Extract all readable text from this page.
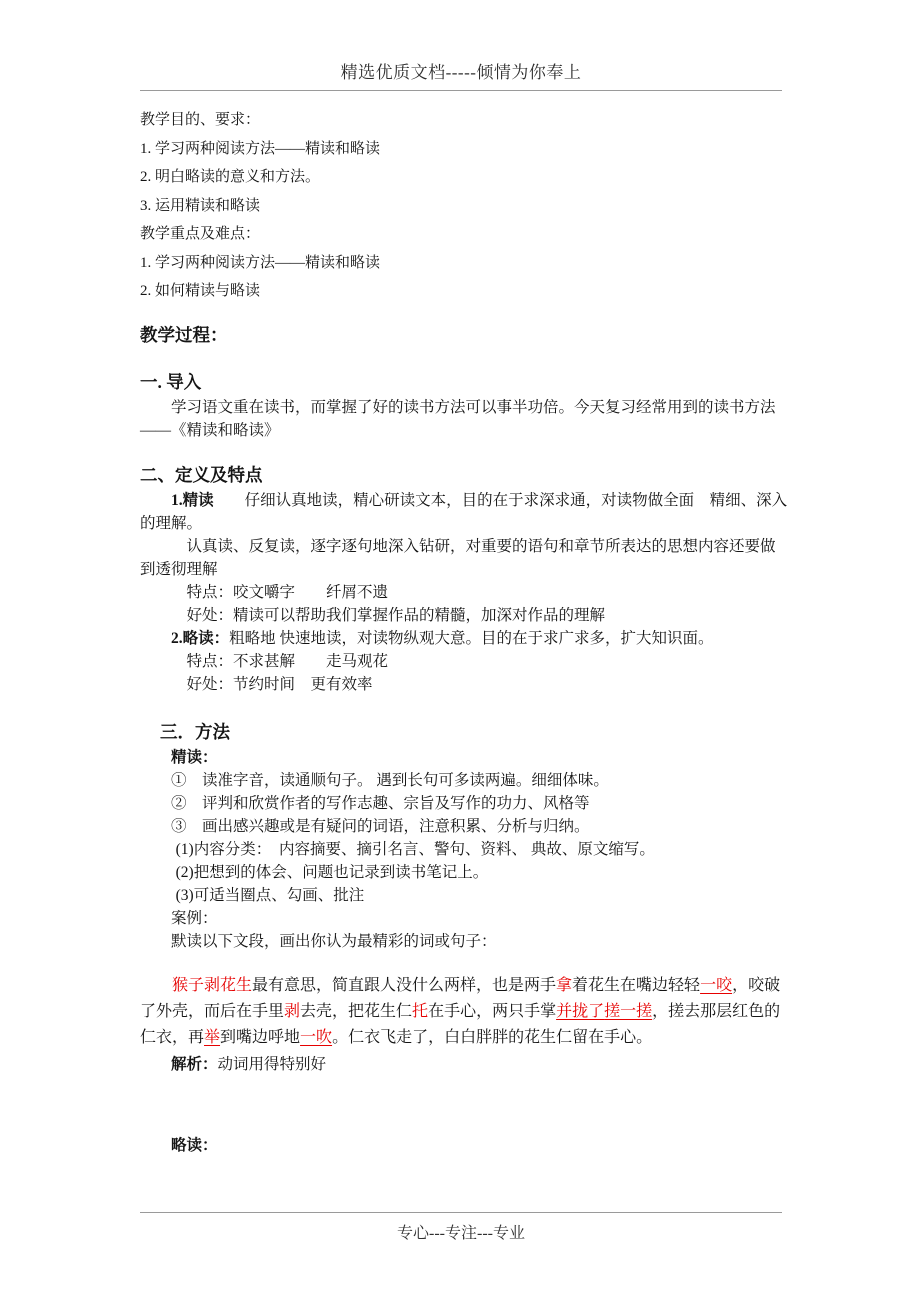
精选优质文档-----倾情为你奉上

教学目的、要求：

1. 学习两种阅读方法——精读和略读

2. 明白略读的意义和方法。

3. 运用精读和略读

教学重点及难点：

1. 学习两种阅读方法——精读和略读

2. 如何精读与略读

教学过程：
一. 导入

学习语文重在读书，而掌握了好的读书方法可以事半功倍。今天复习经常用到的读书方法——《精读和略读》

二、定义及特点

1.精读　　仔细认真地读，精心研读文本，目的在于求深求通，对读物做全面　精细、深入的理解。

认真读、反复读，逐字逐句地深入钻研，对重要的语句和章节所表达的思想内容还要做到透彻理解

特点：咬文嚼字　　纤屑不遗

好处：精读可以帮助我们掌握作品的精髓，加深对作品的理解

2.略读：粗略地 快速地读，对读物纵观大意。目的在于求广求多，扩大知识面。

特点：不求甚解　　走马观花

好处：节约时间　更有效率

三．方法

精读：

①　读准字音，读通顺句子。 遇到长句可多读两遍。细细体味。

②　评判和欣赏作者的写作志趣、宗旨及写作的功力、风格等

③　画出感兴趣或是有疑问的词语，注意积累、分析与归纳。

(1)内容分类：　内容摘要、摘引名言、警句、资料、 典故、原文缩写。

(2)把想到的体会、问题也记录到读书笔记上。

(3)可适当圈点、勾画、批注

案例：

默读以下文段，画出你认为最精彩的词或句子：

猴子剥花生最有意思，简直跟人没什么两样，也是两手拿着花生在嘴边轻轻一咬，咬破了外壳，而后在手里剥去壳，把花生仁托在手心，两只手掌并拢了搓一搓，搓去那层红色的仁衣，再举到嘴边呼地一吹。仁衣飞走了，白白胖胖的花生仁留在手心。

解析：动词用得特别好

略读：

专心---专注---专业
